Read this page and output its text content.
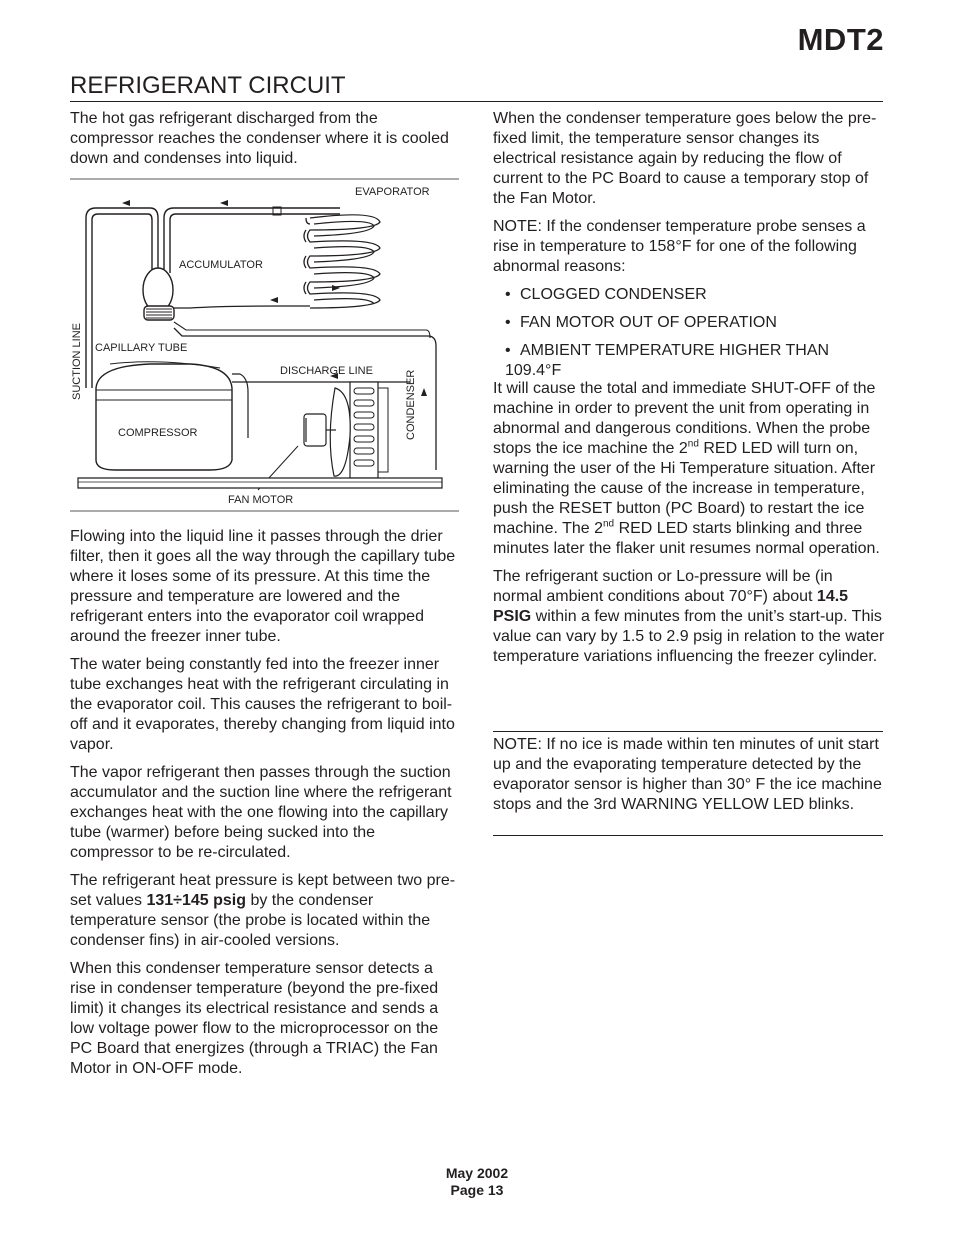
MDT2
REFRIGERANT CIRCUIT

The hot gas refrigerant discharged from the compressor reaches the condenser where it is cooled down and condenses into liquid.

EVAPORATOR
ACCUMULATOR
CAPILLARY TUBE
DISCHARGE LINE
COMPRESSOR
FAN MOTOR
SUCTION LINE
CONDENSER

Flowing into the liquid line it passes through the drier filter, then it goes all the way through the capillary tube where it loses some of its pressure. At this time the pressure and temperature are lowered and the refrigerant enters into the evaporator coil wrapped around the freezer inner tube.

The water being constantly fed into the freezer inner tube exchanges heat with the refrigerant circulating in the evaporator coil. This causes the refrigerant to boil-off and it evaporates, thereby changing from liquid into vapor.

The vapor refrigerant then passes through the suction accumulator and the suction line where the refrigerant exchanges heat with the one flowing into the capillary tube (warmer) before being sucked into the compressor to be re-circulated.

The refrigerant heat pressure is kept between two pre-set values 131÷145 psig by the condenser temperature sensor (the probe is located within the condenser fins) in air-cooled versions.

When this condenser temperature sensor detects a rise in condenser temperature (beyond the pre-fixed limit) it changes its electrical resistance and sends a low voltage power flow to the microprocessor on the PC Board that energizes (through a TRIAC) the Fan Motor in ON-OFF mode.

When the condenser temperature goes below the pre-fixed limit, the temperature sensor changes its electrical resistance again by reducing the flow of current to the PC Board to cause a temporary stop of the Fan Motor.

NOTE: If the condenser temperature probe senses a rise in temperature to 158°F for one of the following abnormal reasons:

• CLOGGED CONDENSER
• FAN MOTOR OUT OF OPERATION
• AMBIENT TEMPERATURE HIGHER THAN 109.4°F

It will cause the total and immediate SHUT-OFF of the machine in order to prevent the unit from operating in abnormal and dangerous conditions. When the probe stops the ice machine the 2nd RED LED will turn on, warning the user of the Hi Temperature situation. After eliminating the cause of the increase in temperature, push the RESET button (PC Board) to restart the ice machine. The 2nd RED LED starts blinking and three minutes later the flaker unit resumes normal operation.

The refrigerant suction or Lo-pressure will be (in normal ambient conditions about 70°F) about 14.5 PSIG within a few minutes from the unit’s start-up. This value can vary by 1.5 to 2.9 psig in relation to the water temperature variations influencing the freezer cylinder.

NOTE: If no ice is made within ten minutes of unit start up and the evaporating temperature detected by the evaporator sensor is higher than 30° F the ice machine stops and the 3rd WARNING YELLOW LED blinks.

May 2002
Page 13
